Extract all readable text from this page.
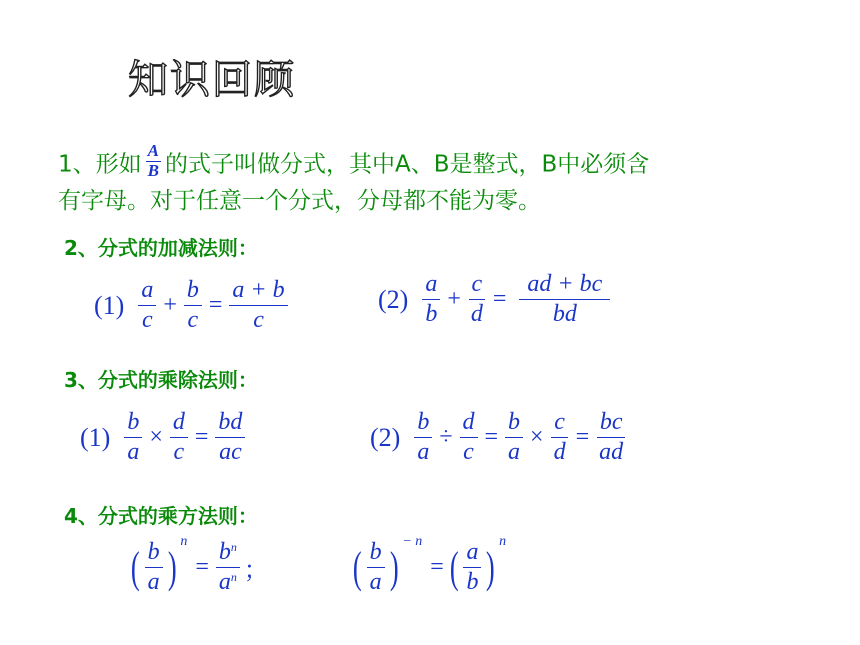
知识回顾
1、形如 $\frac{A}{B}$ 的式子叫做分式，其中A、B是整式，B中必须含
有字母。对于任意一个分式，分母都不能为零。
2、分式的加减法则：
$(1) \frac{a}{c} + \frac{b}{c} = \frac{a + b}{c}$	$(2) \frac{a}{b} + \frac{c}{d} = \frac{ad + bc}{bd}$
3、分式的乘除法则：
$(1) \frac{b}{a} \times \frac{d}{c} = \frac{bd}{ac}$	$(2) \frac{b}{a} \div \frac{d}{c} = \frac{b}{a} \times \frac{c}{d} = \frac{bc}{ad}$
4、分式的乘方法则：
( $\frac{b}{a}$ )
n
= $\frac{b^n}{a^n}$ ； ( $\frac{b}{a}$ )
− n
= ( $\frac{a}{b}$ )
n
